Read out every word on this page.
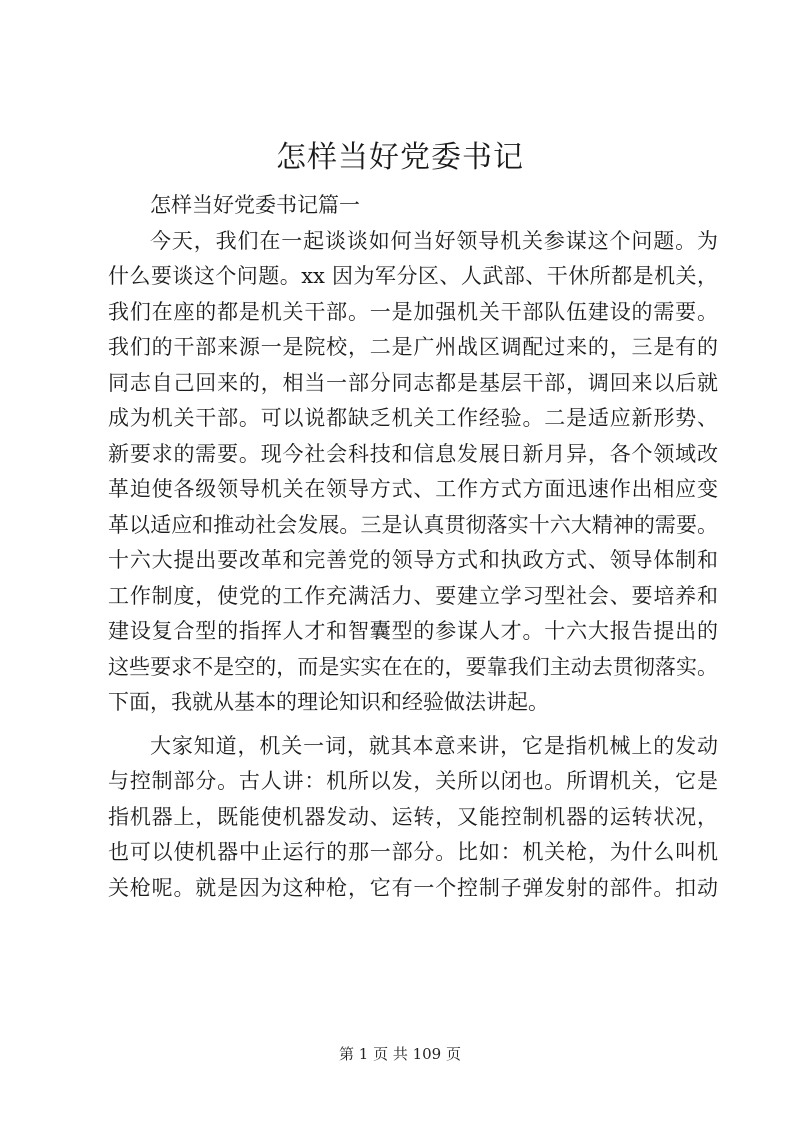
怎样当好党委书记
怎样当好党委书记篇一
今天，我们在一起谈谈如何当好领导机关参谋这个问题。为
什么要谈这个问题。xx 因为军分区、人武部、干休所都是机关，
我们在座的都是机关干部。一是加强机关干部队伍建设的需要。
我们的干部来源一是院校，二是广州战区调配过来的，三是有的
同志自己回来的，相当一部分同志都是基层干部，调回来以后就
成为机关干部。可以说都缺乏机关工作经验。二是适应新形势、
新要求的需要。现今社会科技和信息发展日新月异，各个领域改
革迫使各级领导机关在领导方式、工作方式方面迅速作出相应变
革以适应和推动社会发展。三是认真贯彻落实十六大精神的需要。
十六大提出要改革和完善党的领导方式和执政方式、领导体制和
工作制度，使党的工作充满活力、要建立学习型社会、要培养和
建设复合型的指挥人才和智囊型的参谋人才。十六大报告提出的
这些要求不是空的，而是实实在在的，要靠我们主动去贯彻落实。
下面，我就从基本的理论知识和经验做法讲起。
大家知道，机关一词，就其本意来讲，它是指机械上的发动
与控制部分。古人讲：机所以发，关所以闭也。所谓机关，它是
指机器上，既能使机器发动、运转，又能控制机器的运转状况，
也可以使机器中止运行的那一部分。比如：机关枪，为什么叫机
关枪呢。就是因为这种枪，它有一个控制子弹发射的部件。扣动
第 1 页 共 109 页
